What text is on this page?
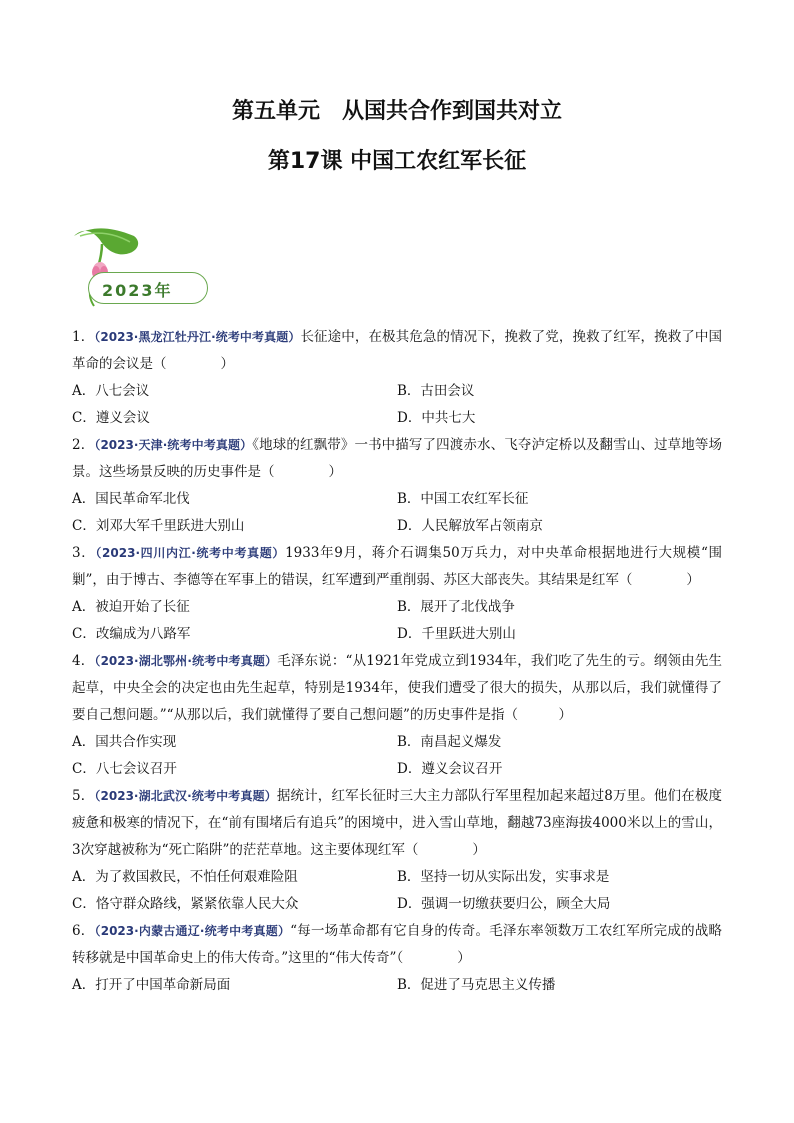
第五单元　从国共合作到国共对立
第17课 中国工农红军长征
2023年

1．（2023·黑龙江牡丹江·统考中考真题）长征途中，在极其危急的情况下，挽救了党，挽救了红军，挽救了中国革命的会议是（　　　　）

A．八七会议	B．古田会议
C．遵义会议	D．中共七大

2．（2023·天津·统考中考真题）《地球的红飘带》一书中描写了四渡赤水、飞夺泸定桥以及翻雪山、过草地等场景。这些场景反映的历史事件是（　　　　）

A．国民革命军北伐	B．中国工农红军长征
C．刘邓大军千里跃进大别山	D．人民解放军占领南京

3．（2023·四川内江·统考中考真题）1933年9月，蒋介石调集50万兵力，对中央革命根据地进行大规模“围剿”，由于博古、李德等在军事上的错误，红军遭到严重削弱、苏区大部丧失。其结果是红军（　　　　）

A．被迫开始了长征	B．展开了北伐战争
C．改编成为八路军	D．千里跃进大别山

4．（2023·湖北鄂州·统考中考真题）毛泽东说：“从1921年党成立到1934年，我们吃了先生的亏。纲领由先生起草，中央全会的决定也由先生起草，特别是1934年，使我们遭受了很大的损失，从那以后，我们就懂得了要自己想问题。”“从那以后，我们就懂得了要自己想问题”的历史事件是指（　　　）

A．国共合作实现	B．南昌起义爆发
C．八七会议召开	D．遵义会议召开

5．（2023·湖北武汉·统考中考真题）据统计，红军长征时三大主力部队行军里程加起来超过8万里。他们在极度疲惫和极寒的情况下，在“前有围堵后有追兵”的困境中，进入雪山草地，翻越73座海拔4000米以上的雪山，3次穿越被称为“死亡陷阱”的茫茫草地。这主要体现红军（　　　　）

A．为了救国救民，不怕任何艰难险阻	B．坚持一切从实际出发，实事求是
C．恪守群众路线，紧紧依靠人民大众	D．强调一切缴获要归公，顾全大局

6．（2023·内蒙古通辽·统考中考真题）“每一场革命都有它自身的传奇。毛泽东率领数万工农红军所完成的战略转移就是中国革命史上的伟大传奇。”这里的“伟大传奇”（　　　　）

A．打开了中国革命新局面	B．促进了马克思主义传播
